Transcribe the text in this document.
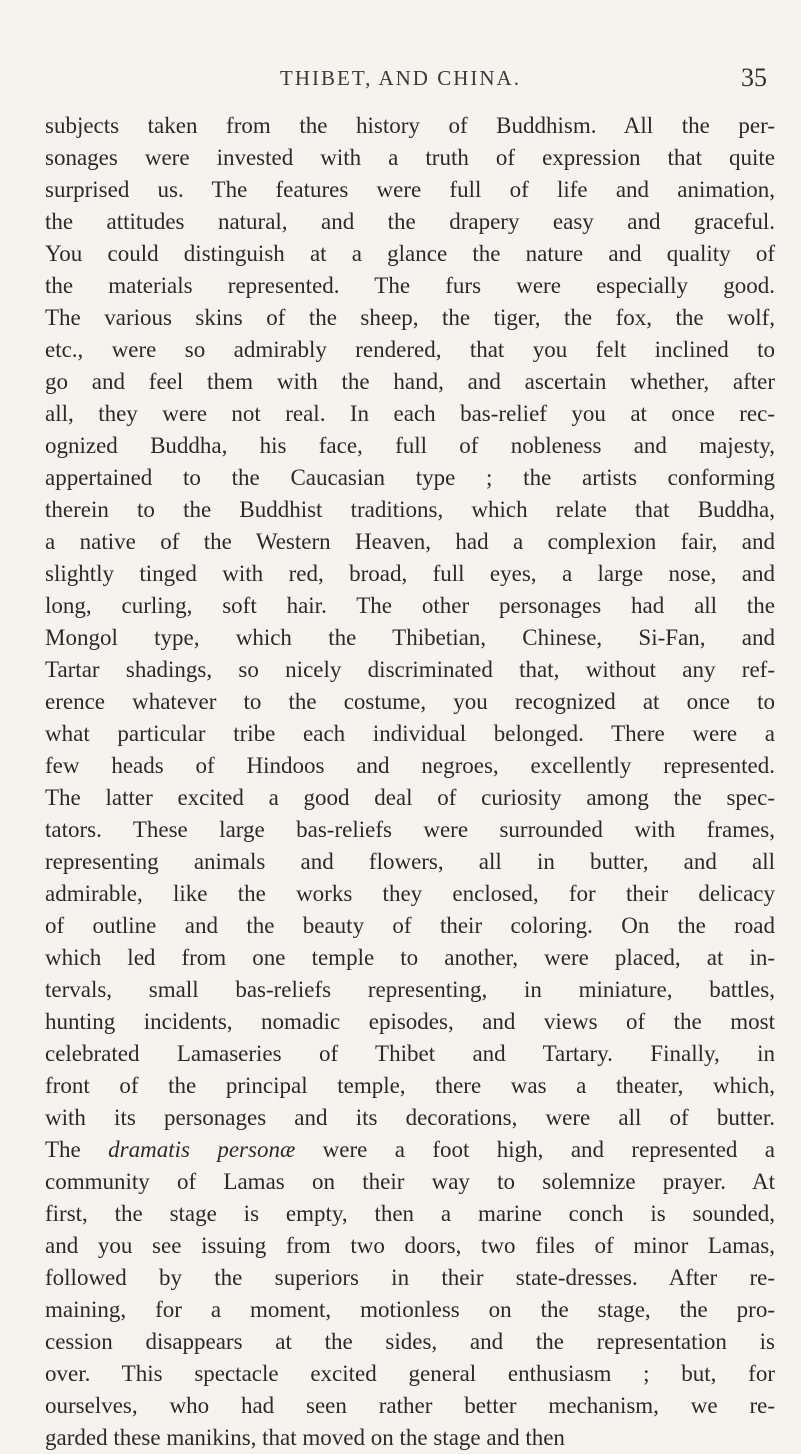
THIBET, AND CHINA.	35
subjects taken from the history of Buddhism. All the per-
sonages were invested with a truth of expression that quite
surprised us. The features were full of life and animation,
the attitudes natural, and the drapery easy and graceful.
You could distinguish at a glance the nature and quality of
the materials represented. The furs were especially good.
The various skins of the sheep, the tiger, the fox, the wolf,
etc., were so admirably rendered, that you felt inclined to
go and feel them with the hand, and ascertain whether, after
all, they were not real. In each bas-relief you at once rec-
ognized Buddha, his face, full of nobleness and majesty,
appertained to the Caucasian type ; the artists conforming
therein to the Buddhist traditions, which relate that Buddha,
a native of the Western Heaven, had a complexion fair, and
slightly tinged with red, broad, full eyes, a large nose, and
long, curling, soft hair. The other personages had all the
Mongol type, which the Thibetian, Chinese, Si-Fan, and
Tartar shadings, so nicely discriminated that, without any ref-
erence whatever to the costume, you recognized at once to
what particular tribe each individual belonged. There were a
few heads of Hindoos and negroes, excellently represented.
The latter excited a good deal of curiosity among the spec-
tators. These large bas-reliefs were surrounded with frames,
representing animals and flowers, all in butter, and all
admirable, like the works they enclosed, for their delicacy
of outline and the beauty of their coloring. On the road
which led from one temple to another, were placed, at in-
tervals, small bas-reliefs representing, in miniature, battles,
hunting incidents, nomadic episodes, and views of the most
celebrated Lamaseries of Thibet and Tartary. Finally, in
front of the principal temple, there was a theater, which,
with its personages and its decorations, were all of butter.
The dramatis personæ were a foot high, and represented a
community of Lamas on their way to solemnize prayer. At
first, the stage is empty, then a marine conch is sounded,
and you see issuing from two doors, two files of minor Lamas,
followed by the superiors in their state-dresses. After re-
maining, for a moment, motionless on the stage, the pro-
cession disappears at the sides, and the representation is
over. This spectacle excited general enthusiasm ; but, for
ourselves, who had seen rather better mechanism, we re-
garded these manikins, that moved on the stage and then
